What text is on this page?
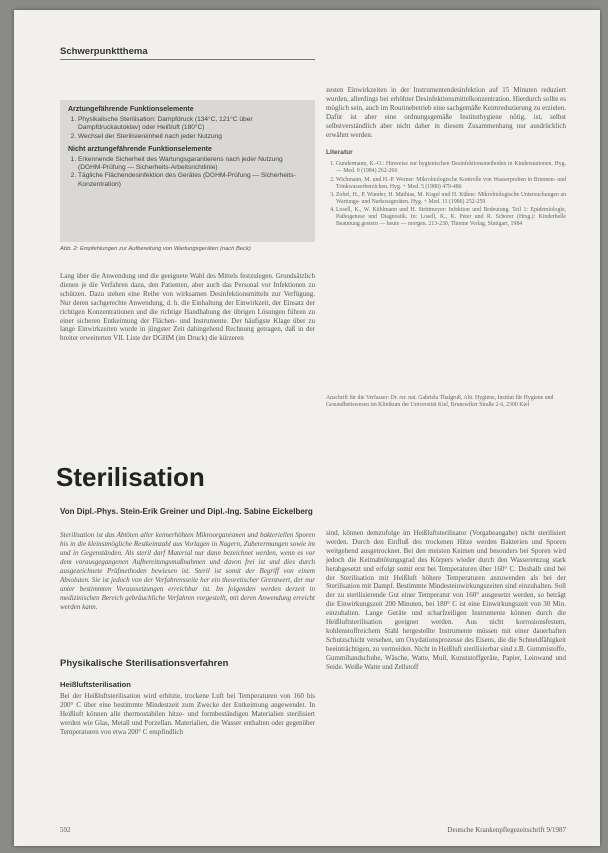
Schwerpunktthema
Arztungefährende Funktionselemente
1. Physikalische Sterilisation: Dampfdruck (134°C, 121°C über Dampfdruckautoklav) oder Heißluft (180°C)
2. Wechsel der Sterilisiereinheit nach jeder Nutzung
Nicht arztungefährende Funktionselemente
1. Erkennende Sicherheit des Wartungsgarantierens nach jeder Nutzung (DGHM-Prüfung — Sicherheits-Arbeitsrichtlinie)
2. Tägliche Flächendesinfektion des Gerätes (DGHM-Prüfung — Sicherheits-Konzentration)
Abb. 2: Empfehlungen zur Aufbereitung von Wartungsgeräten (nach Beck)

Lang über die Anwendung und die geeignete Wahl des Mittels festzulegen. Grundsätzlich dienen je die Verfahren dazu, den Patienten, aber auch das Personal vor Infektionen zu schützen. Dazu stehen eine Reihe von wirksamen Desinfektionsmitteln zur Verfügung. Nur deren sachgerechte Anwendung, d. h. die Einhaltung der Einwirkzeit, der Einsatz der richtigen Konzentrationen und die richtige Handhabung der übrigen Lösungen führen zu einer sicheren Entkeimung der Flächen- und Instrumente. Der häufigste Klage über zu lange Einwirkzeiten wurde in jüngster Zeit dahingehend Rechnung getragen, daß in der breiter erweiterten VII. Liste der DGHM (im Druck) die kürzeren

zesten Einwirkzeiten in der Instrumentendesinfektion auf 15 Minuten reduziert wurden, allerdings bei erhöhter Desinfektionsmittelkonzentration. Hierdurch sollte es möglich sein, auch im Routinebetrieb eine sachgemäße Keimreduzierung zu erzielen. Dafür ist aber eine ordnungsgemäße Instituthygiene nötig, ist, selbst selbstverständlich aber nicht daher in diesem Zusammenhang nur ausdrücklich erwähnt werden.

Literatur
1. Gundermann, K.-O.: Hinweise zur hygienischen Desinfektionsmethoden in Kinderstationen. Hyg. — Med. 9 (1984) 262-266
2. Wichmann, M. und H.-P. Werner: Mikrobiologische Kontrolle von Wasserproben in Brunnen- und Trinkwasserbereichen. Hyg. + Med. 5 (1980) 479-486
3. Zobel, H., P. Wunder, H. Mathias, M. Kogel und H. Kühne: Mikrobiologische Untersuchungen an Wartungs- und Narkosegeräten. Hyg. + Med. 11 (1986) 252-259
4. Losell, K., W. Kühlmann und H. Strittmeyer: Infektion und Bedeutung. Teil 1: Epidemiologie, Pathogenese und Diagnostik. In: Losell, K., K. Peter und R. Schorer (Hrsg.): Kinderhelle Beatmung gestern — heute — morgen. 213-230, Thieme Verlag, Stuttgart, 1984
Anschrift für die Verfasser: Dr. rer. nat. Gabriela Thalgruß, Abt. Hygiene, Institut für Hygiene und Gesundheitswesen im Klinikum der Universität Kiel, Brunswiker Straße 2-6, 2300 Kiel
Sterilisation
Von Dipl.-Phys. Stein-Erik Greiner und Dipl.-Ing. Sabine Eickelberg
Sterilisation ist das Abtöten aller keimerhöhten Mikroorganismen und bakteriellen Sporen bis in die kleinstmögliche Restkeimzahl aus Vorlagen in Nagern, Zuberermungen sowie im und in Gegenständen. Als steril darf Material nur dann bezeichnet werden, wenn es vor dem vorausgegangenen Aufbereitungsmaßnahmen und davon frei ist und dies durch ausgezeichnete Prüfmethoden bewiesen ist. Steril ist somit der Begriff von einem Absoluten. Sie ist jedoch von der Verfahrensseite her ein theoretischer Grenzwert, der nur unter bestimmten Voraussetzungen erreichbar ist. Im folgenden werden derzeit in medizinischen Bereich gebräuchliche Verfahren vorgestellt, mit deren Anwendung erreicht werden kann.
Physikalische Sterilisationsverfahren
Heißluftsterilisation

Bei der Heißluftsterilisation wird erhitzte, trockene Luft bei Temperaturen von 160 bis 200° C über eine bestimmte Mindestzeit zum Zwecke der Entkeimung angewendet. In Heißluft können alle thermostabilen hitze- und formbeständigen Materialien sterilisiert werden wie Glas, Metall und Porzellan. Materialien, die Wasser enthalten oder gegenüber Temperaturen von etwa 200° C empfindlich

sind, können demzufolge im Heißluftsterilisator (Vorgabeangabe) nicht sterilisiert werden. Durch den Einfluß des trockenen Hitze werden Bakterien und Sporen weitgehend ausgetrocknet. Bei den meisten Keimen und besonders bei Sporen wird jedoch die Keimabtötungsgrad des Körpers wieder durch den Wasserentzug stark herabgesetzt und erfolgt somit erst bei Temperaturen über 160° C. Deshalb sind bei der Sterilisation mit Heißluft höhere Temperaturen anzuwenden als bei der Sterilisation mit Dampf. Bestimmte Mindesteinwirkungszeiten sind einzuhalten. Soll der zu sterilisierende Gut einer Temperatur von 160° ausgesetzt werden, so beträgt die Einwirkungszeit 200 Minuten, bei 180° C ist eine Einwirkungszeit von 30 Min. einzuhalten. Lange Geräte und scharfzeiligen Instrumente können durch die Heißluftsterilisation geeignet werden. Aus nicht korrosionsfestem, kohlenstoffreichem Stahl hergestellte Instrumente müssen mit einer dauerhaften Schutzschicht versehen, um Oxydationsprozesse des Eisens, die die Schneidfähigkeit beeinträchtigen, zu vermeiden. Nicht in Heißluft sterilisierbar sind z.B. Gummistoffe, Gummihandschuhe, Wäsche, Watte, Mull, Kunststoffgeräte, Papier, Leinwand und Seide. Weiße Watte und Zellstoff

592	Deutsche Krankenpflegezeitschrift 9/1987
